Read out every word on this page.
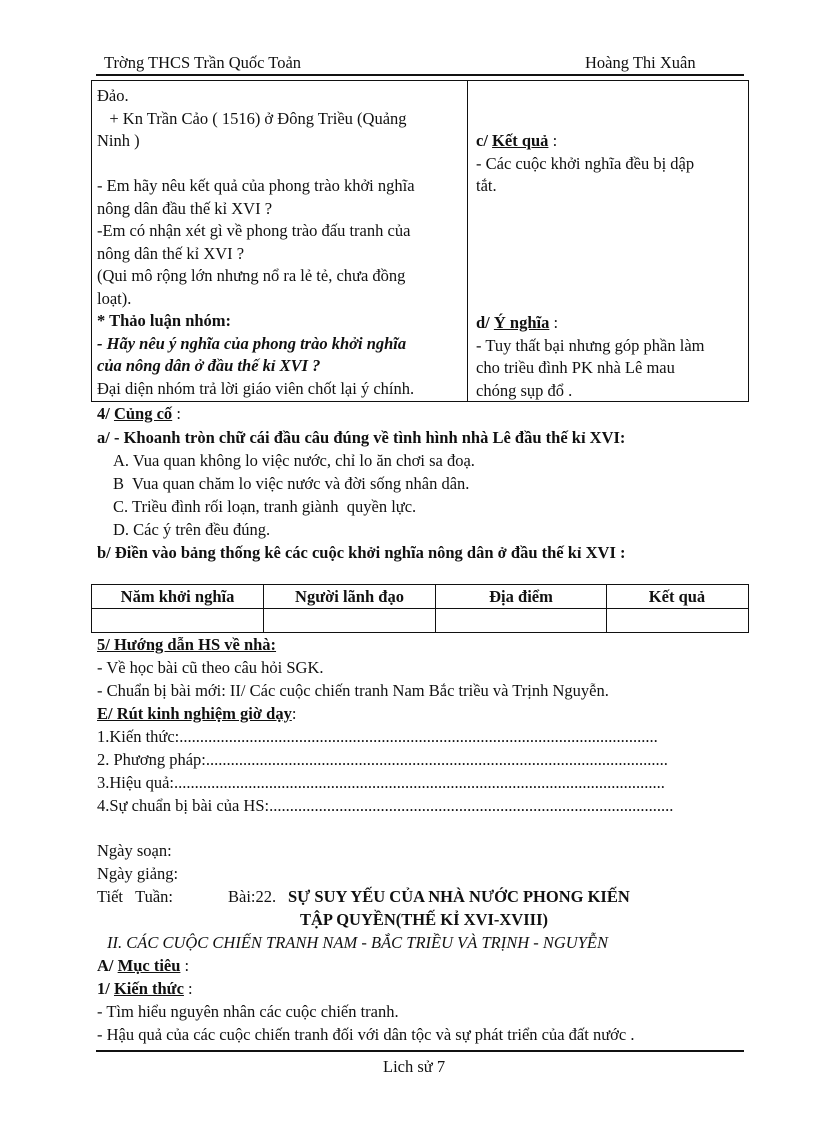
Trờng THCS Trần Quốc Toản	Hoàng Thi Xuân
Đảo.
+ Kn Trần Cảo ( 1516) ở Đông Triều (Quảng
Ninh )
- Em hãy nêu kết quả của phong trào khởi nghĩa
nông dân đầu thế kỉ XVI ?
-Em có nhận xét gì về phong trào đấu tranh của
nông dân thế kỉ XVI ?
(Qui mô rộng lớn nhưng nổ ra lẻ tẻ, chưa đồng
loạt).
* Thảo luận nhóm:
- Hãy nêu ý nghĩa của phong trào khởi nghĩa
của nông dân ở đầu thế kỉ XVI ?
Đại diện nhóm trả lời giáo viên chốt lại ý chính.
c/ Kết quả :
- Các cuộc khởi nghĩa đều bị dập
tắt.
d/ Ý nghĩa :
- Tuy thất bại nhưng góp phần làm
cho triều đình PK nhà Lê mau
chóng sụp đổ .
4/ Củng cố :
a/ - Khoanh tròn chữ cái đầu câu đúng về tình hình nhà Lê đầu thế kỉ XVI:
A. Vua quan không lo việc nước, chỉ lo ăn chơi sa đoạ.
B  Vua quan chăm lo việc nước và đời sống nhân dân.
C. Triều đình rối loạn, tranh giành  quyền lực.
D. Các ý trên đều đúng.
b/ Điền vào bảng thống kê các cuộc khởi nghĩa nông dân ở đầu thế kỉ XVI :
Năm khởi nghĩa	Người lãnh đạo	Địa điểm	Kết quả
5/ Hướng dẫn HS về nhà:
- Về học bài cũ theo câu hỏi SGK.
- Chuẩn bị bài mới: II/ Các cuộc chiến tranh Nam Bắc triều và Trịnh Nguyễn.
E/ Rút kinh nghiệm giờ dạy:
1.Kiến thức:....................................................................................................................
2. Phương pháp:................................................................................................................
3.Hiệu quả:.......................................................................................................................
4.Sự chuẩn bị bài của HS:..................................................................................................
Ngày soạn:
Ngày giảng:
Tiết   Tuần:	Bài:22. SỰ SUY YẾU CỦA NHÀ NƯỚC PHONG KIẾN
TẬP QUYỀN(THẾ KỈ XVI-XVIII)
II. CÁC CUỘC CHIẾN TRANH NAM - BẮC TRIỀU VÀ TRỊNH - NGUYỄN
A/ Mục tiêu :
1/ Kiến thức :
- Tìm hiểu nguyên nhân các cuộc chiến tranh.
- Hậu quả của các cuộc chiến tranh đối với dân tộc và sự phát triển của đất nước .
Lich sử 7
